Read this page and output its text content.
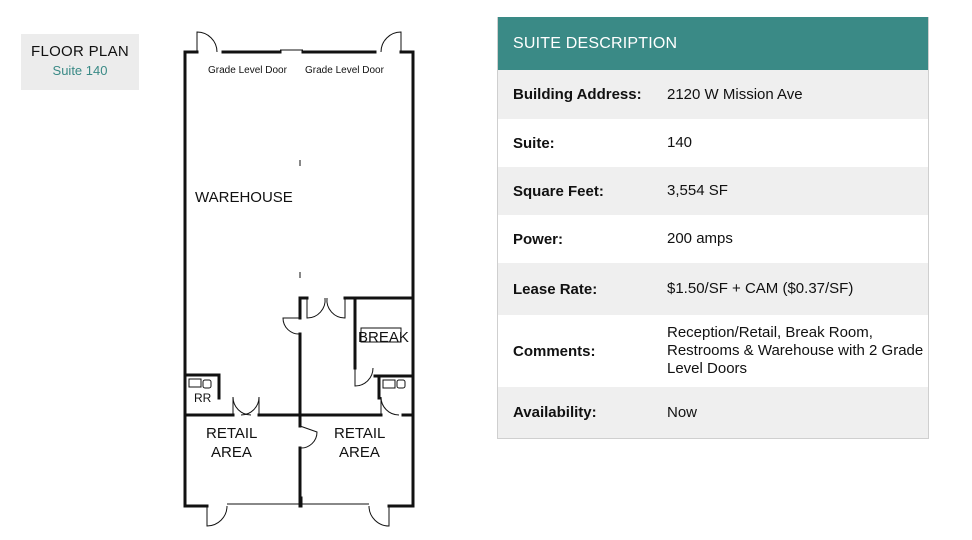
FLOOR PLAN
Suite 140	Grade Level Door Grade Level Door
WAREHOUSE
BREAK
RR
RETAIL
AREA
RETAIL
AREA
SUITE DESCRIPTION
Building Address:	2120 W Mission Ave
Suite:	140
Square Feet:	3,554 SF
Power:	200 amps
Lease Rate:	$1.50/SF + CAM ($0.37/SF)
Comments:
Reception/Retail, Break Room, Restrooms & Warehouse with 2 Grade Level Doors
Availability:	Now
